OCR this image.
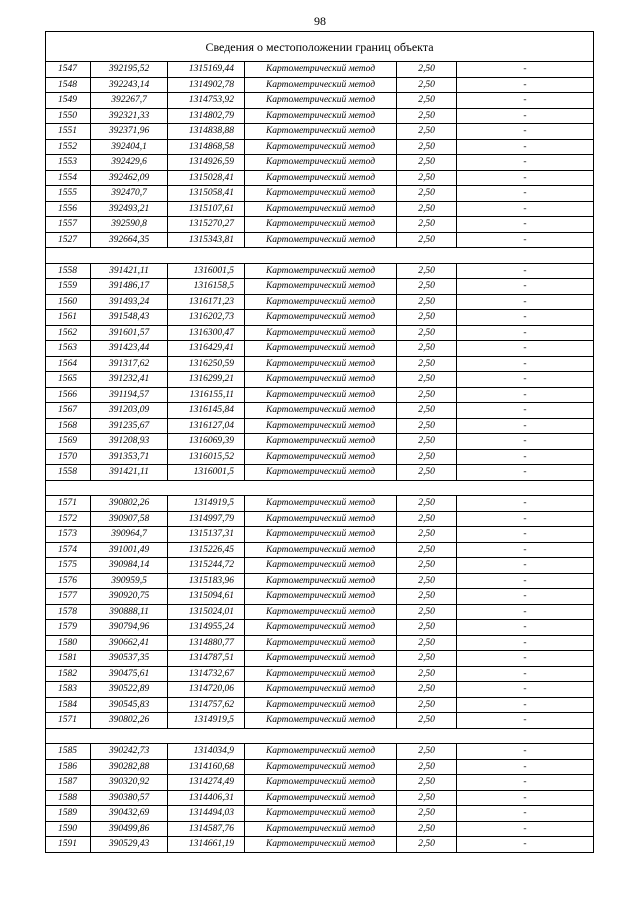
98
Сведения о местоположении границ объекта					
1547	392195,52	1315169,44	Картометрический метод	2,50	-
1548	392243,14	1314902,78	Картометрический метод	2,50	-
1549	392267,7	1314753,92	Картометрический метод	2,50	-
1550	392321,33	1314802,79	Картометрический метод	2,50	-
1551	392371,96	1314838,88	Картометрический метод	2,50	-
1552	392404,1	1314868,58	Картометрический метод	2,50	-
1553	392429,6	1314926,59	Картометрический метод	2,50	-
1554	392462,09	1315028,41	Картометрический метод	2,50	-
1555	392470,7	1315058,41	Картометрический метод	2,50	-
1556	392493,21	1315107,61	Картометрический метод	2,50	-
1557	392590,8	1315270,27	Картометрический метод	2,50	-
1527	392664,35	1315343,81	Картометрический метод	2,50	-

1558	391421,11	1316001,5	Картометрический метод	2,50	-
1559	391486,17	1316158,5	Картометрический метод	2,50	-
1560	391493,24	1316171,23	Картометрический метод	2,50	-
1561	391548,43	1316202,73	Картометрический метод	2,50	-
1562	391601,57	1316300,47	Картометрический метод	2,50	-
1563	391423,44	1316429,41	Картометрический метод	2,50	-
1564	391317,62	1316250,59	Картометрический метод	2,50	-
1565	391232,41	1316299,21	Картометрический метод	2,50	-
1566	391194,57	1316155,11	Картометрический метод	2,50	-
1567	391203,09	1316145,84	Картометрический метод	2,50	-
1568	391235,67	1316127,04	Картометрический метод	2,50	-
1569	391208,93	1316069,39	Картометрический метод	2,50	-
1570	391353,71	1316015,52	Картометрический метод	2,50	-
1558	391421,11	1316001,5	Картометрический метод	2,50	-

1571	390802,26	1314919,5	Картометрический метод	2,50	-
1572	390907,58	1314997,79	Картометрический метод	2,50	-
1573	390964,7	1315137,31	Картометрический метод	2,50	-
1574	391001,49	1315226,45	Картометрический метод	2,50	-
1575	390984,14	1315244,72	Картометрический метод	2,50	-
1576	390959,5	1315183,96	Картометрический метод	2,50	-
1577	390920,75	1315094,61	Картометрический метод	2,50	-
1578	390888,11	1315024,01	Картометрический метод	2,50	-
1579	390794,96	1314955,24	Картометрический метод	2,50	-
1580	390662,41	1314880,77	Картометрический метод	2,50	-
1581	390537,35	1314787,51	Картометрический метод	2,50	-
1582	390475,61	1314732,67	Картометрический метод	2,50	-
1583	390522,89	1314720,06	Картометрический метод	2,50	-
1584	390545,83	1314757,62	Картометрический метод	2,50	-
1571	390802,26	1314919,5	Картометрический метод	2,50	-

1585	390242,73	1314034,9	Картометрический метод	2,50	-
1586	390282,88	1314160,68	Картометрический метод	2,50	-
1587	390320,92	1314274,49	Картометрический метод	2,50	-
1588	390380,57	1314406,31	Картометрический метод	2,50	-
1589	390432,69	1314494,03	Картометрический метод	2,50	-
1590	390499,86	1314587,76	Картометрический метод	2,50	-
1591	390529,43	1314661,19	Картометрический метод	2,50	-
